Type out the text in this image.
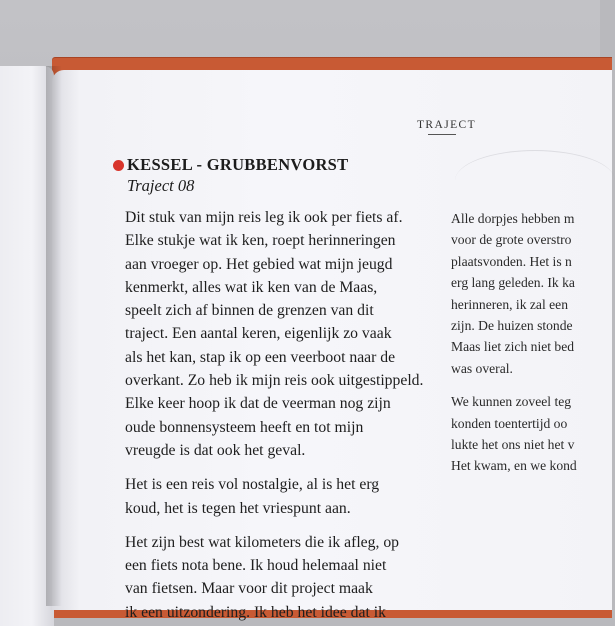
TRAJECT
KESSEL - GRUBBENVORST
Traject 08
Dit stuk van mijn reis leg ik ook per fiets af.
Elke stukje wat ik ken, roept herinneringen
aan vroeger op. Het gebied wat mijn jeugd
kenmerkt, alles wat ik ken van de Maas,
speelt zich af binnen de grenzen van dit
traject. Een aantal keren, eigenlijk zo vaak
als het kan, stap ik op een veerboot naar de
overkant. Zo heb ik mijn reis ook uitgestippeld.
Elke keer hoop ik dat de veerman nog zijn
oude bonnensysteem heeft en tot mijn
vreugde is dat ook het geval.
Het is een reis vol nostalgie, al is het erg
koud, het is tegen het vriespunt aan.
Het zijn best wat kilometers die ik afleg, op
een fiets nota bene. Ik houd helemaal niet
van fietsen. Maar voor dit project maak
ik een uitzondering. Ik heb het idee dat ik
Alle dorpjes hebben m
voor de grote overstro
plaatsvonden. Het is n
erg lang geleden. Ik ka
herinneren, ik zal een
zijn. De huizen stonde
Maas liet zich niet bed
was overal.
We kunnen zoveel teg
konden toentertijd oo
lukte het ons niet het v
Het kwam, en we kond
